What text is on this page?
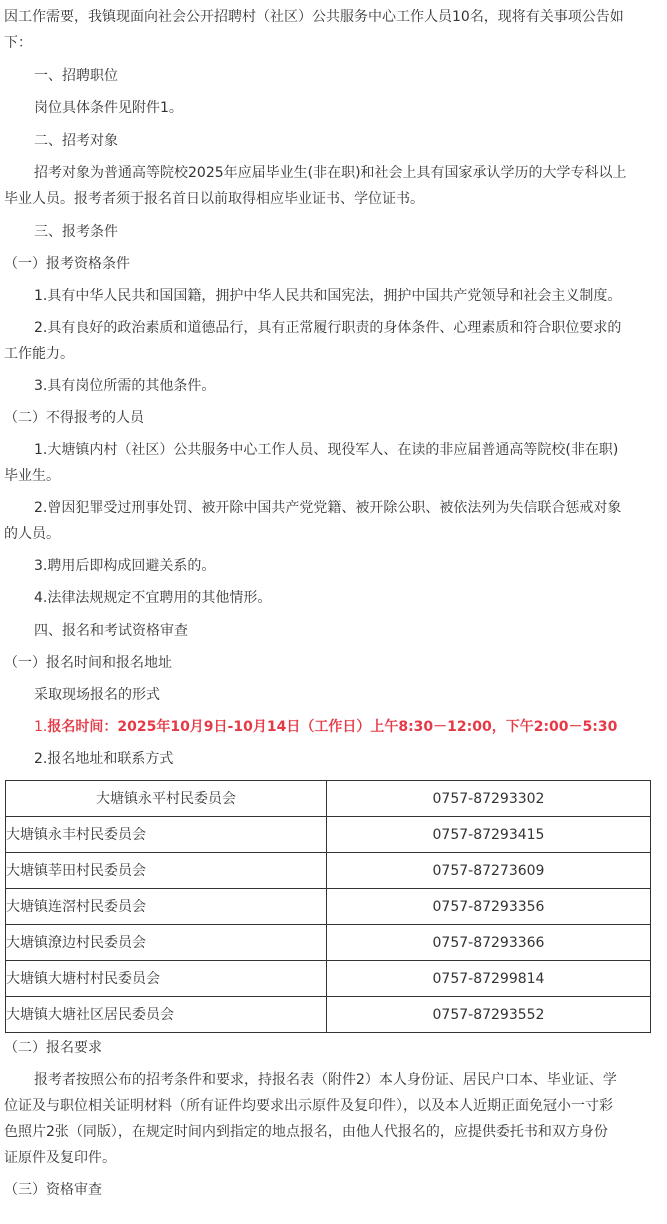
因工作需要，我镇现面向社会公开招聘村（社区）公共服务中心工作人员10名，现将有关事项公告如

下：

一、招聘职位

岗位具体条件见附件1。

二、招考对象

招考对象为普通高等院校2025年应届毕业生(非在职)和社会上具有国家承认学历的大学专科以上

毕业人员。报考者须于报名首日以前取得相应毕业证书、学位证书。

三、报考条件

（一）报考资格条件

1.具有中华人民共和国国籍，拥护中华人民共和国宪法，拥护中国共产党领导和社会主义制度。

2.具有良好的政治素质和道德品行，具有正常履行职责的身体条件、心理素质和符合职位要求的

工作能力。

3.具有岗位所需的其他条件。

（二）不得报考的人员

1.大塘镇内村（社区）公共服务中心工作人员、现役军人、在读的非应届普通高等院校(非在职)

毕业生。

2.曾因犯罪受过刑事处罚、被开除中国共产党党籍、被开除公职、被依法列为失信联合惩戒对象

的人员。

3.聘用后即构成回避关系的。

4.法律法规规定不宜聘用的其他情形。

四、报名和考试资格审查

（一）报名时间和报名地址

采取现场报名的形式

1.报名时间：2025年10月9日-10月14日（工作日）上午8:30－12:00，下午2:00－5:30

2.报名地址和联系方式

大塘镇永平村民委员会	0757-87293302
大塘镇永丰村民委员会	0757-87293415
大塘镇莘田村民委员会	0757-87273609
大塘镇连滘村民委员会	0757-87293356
大塘镇潦边村民委员会	0757-87293366
大塘镇大塘村村民委员会	0757-87299814
大塘镇大塘社区居民委员会	0757-87293552

（二）报名要求

报考者按照公布的招考条件和要求，持报名表（附件2）本人身份证、居民户口本、毕业证、学

位证及与职位相关证明材料（所有证件均要求出示原件及复印件），以及本人近期正面免冠小一寸彩

色照片2张（同版），在规定时间内到指定的地点报名，由他人代报名的，应提供委托书和双方身份

证原件及复印件。

（三）资格审查
